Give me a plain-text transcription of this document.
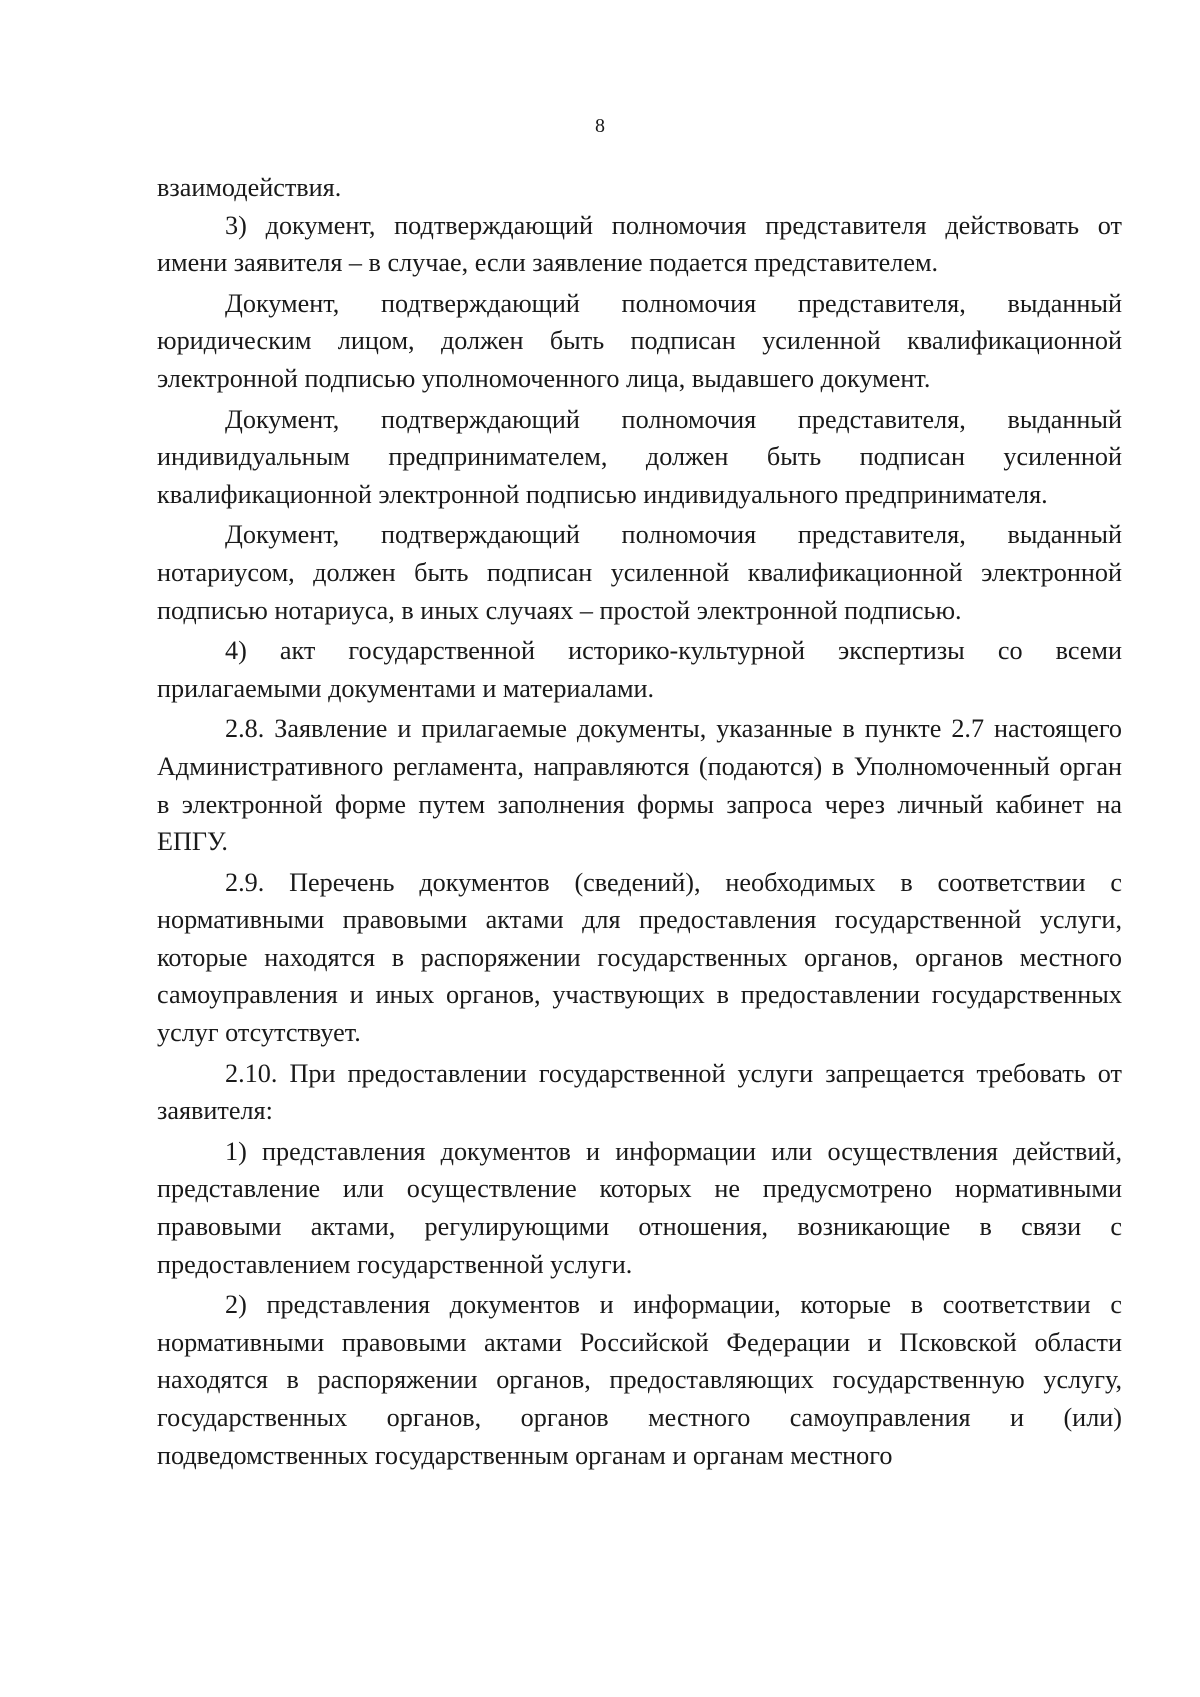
8

взаимодействия.

3) документ, подтверждающий полномочия представителя действовать от имени заявителя – в случае, если заявление подается представителем.

Документ, подтверждающий полномочия представителя, выданный юридическим лицом, должен быть подписан усиленной квалификационной электронной подписью уполномоченного лица, выдавшего документ.

Документ, подтверждающий полномочия представителя, выданный индивидуальным предпринимателем, должен быть подписан усиленной квалификационной электронной подписью индивидуального предпринимателя.

Документ, подтверждающий полномочия представителя, выданный нотариусом, должен быть подписан усиленной квалификационной электронной подписью нотариуса, в иных случаях – простой электронной подписью.

4) акт государственной историко-культурной экспертизы со всеми прилагаемыми документами и материалами.

2.8. Заявление и прилагаемые документы, указанные в пункте 2.7 настоящего Административного регламента, направляются (подаются) в Уполномоченный орган в электронной форме путем заполнения формы запроса через личный кабинет на ЕПГУ.

2.9. Перечень документов (сведений), необходимых в соответствии с нормативными правовыми актами для предоставления государственной услуги, которые находятся в распоряжении государственных органов, органов местного самоуправления и иных органов, участвующих в предоставлении государственных услуг отсутствует.

2.10. При предоставлении государственной услуги запрещается требовать от заявителя:

1) представления документов и информации или осуществления действий, представление или осуществление которых не предусмотрено нормативными правовыми актами, регулирующими отношения, возникающие в связи с предоставлением государственной услуги.

2) представления документов и информации, которые в соответствии с нормативными правовыми актами Российской Федерации и Псковской области находятся в распоряжении органов, предоставляющих государственную услугу, государственных органов, органов местного самоуправления и (или) подведомственных государственным органам и органам местного
